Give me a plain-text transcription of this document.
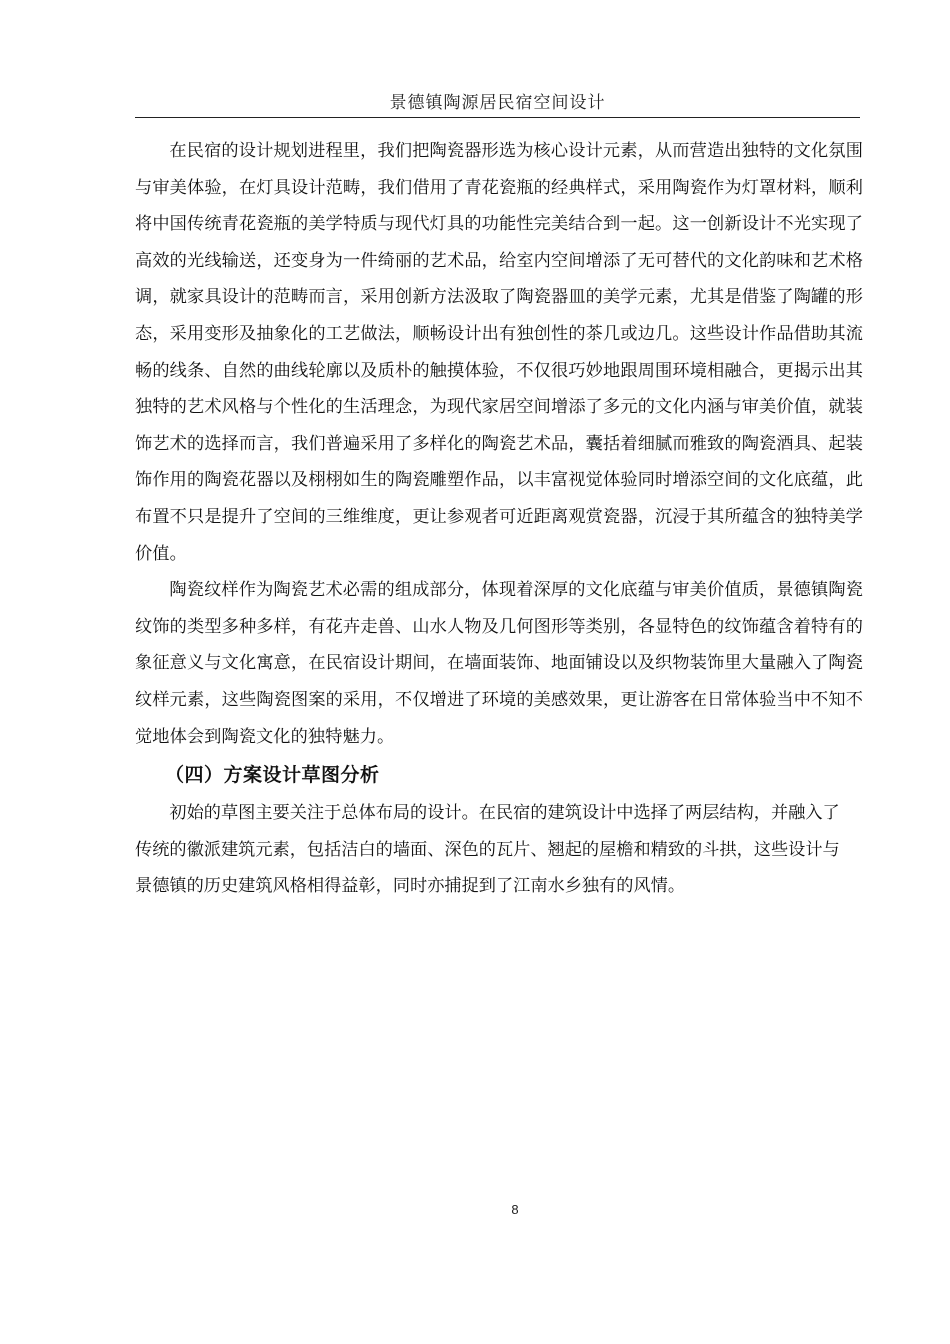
景德镇陶源居民宿空间设计

在民宿的设计规划进程里，我们把陶瓷器形选为核心设计元素，从而营造出独特的文化氛围与审美体验，在灯具设计范畴，我们借用了青花瓷瓶的经典样式，采用陶瓷作为灯罩材料，顺利将中国传统青花瓷瓶的美学特质与现代灯具的功能性完美结合到一起。这一创新设计不光实现了高效的光线输送，还变身为一件绮丽的艺术品，给室内空间增添了无可替代的文化韵味和艺术格调，就家具设计的范畴而言，采用创新方法汲取了陶瓷器皿的美学元素，尤其是借鉴了陶罐的形态，采用变形及抽象化的工艺做法，顺畅设计出有独创性的茶几或边几。这些设计作品借助其流畅的线条、自然的曲线轮廓以及质朴的触摸体验，不仅很巧妙地跟周围环境相融合，更揭示出其独特的艺术风格与个性化的生活理念，为现代家居空间增添了多元的文化内涵与审美价值，就装饰艺术的选择而言，我们普遍采用了多样化的陶瓷艺术品，囊括着细腻而雅致的陶瓷酒具、起装饰作用的陶瓷花器以及栩栩如生的陶瓷雕塑作品，以丰富视觉体验同时增添空间的文化底蕴，此布置不只是提升了空间的三维维度，更让参观者可近距离观赏瓷器，沉浸于其所蕴含的独特美学价值。

陶瓷纹样作为陶瓷艺术必需的组成部分，体现着深厚的文化底蕴与审美价值质，景德镇陶瓷纹饰的类型多种多样，有花卉走兽、山水人物及几何图形等类别，各显特色的纹饰蕴含着特有的象征意义与文化寓意，在民宿设计期间，在墙面装饰、地面铺设以及织物装饰里大量融入了陶瓷纹样元素，这些陶瓷图案的采用，不仅增进了环境的美感效果，更让游客在日常体验当中不知不觉地体会到陶瓷文化的独特魅力。

（四）方案设计草图分析

初始的草图主要关注于总体布局的设计。在民宿的建筑设计中选择了两层结构，并融入了传统的徽派建筑元素，包括洁白的墙面、深色的瓦片、翘起的屋檐和精致的斗拱，这些设计与景德镇的历史建筑风格相得益彰，同时亦捕捉到了江南水乡独有的风情。

8
